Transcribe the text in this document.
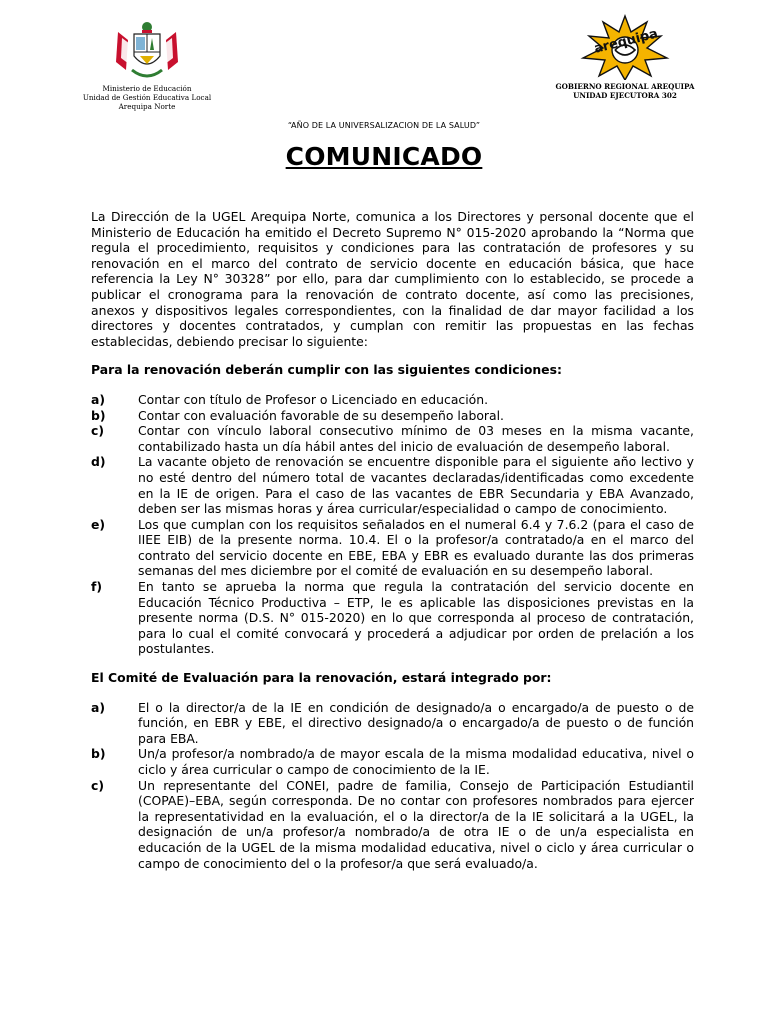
Ministerio de Educación
Unidad de Gestión Educativa Local
Arequipa Norte
arequipa
GOBIERNO REGIONAL AREQUIPA
UNIDAD EJECUTORA 302
“AÑO DE LA UNIVERSALIZACION DE LA SALUD”
COMUNICADO

La Dirección de la UGEL Arequipa Norte, comunica a los Directores y personal docente que el Ministerio de Educación ha emitido el Decreto Supremo N° 015-2020 aprobando la “Norma que regula el procedimiento, requisitos y condiciones para las contratación de profesores y su renovación en el marco del contrato de servicio docente en educación básica, que hace referencia la Ley N° 30328” por ello, para dar cumplimiento con lo establecido, se procede a publicar el cronograma para la renovación de contrato docente, así como las precisiones, anexos y dispositivos legales correspondientes, con la finalidad de dar mayor facilidad a los directores y docentes contratados, y cumplan con remitir las propuestas en las fechas establecidas, debiendo precisar lo siguiente:

Para la renovación deberán cumplir con las siguientes condiciones:

a)	Contar con título de Profesor o Licenciado en educación.
b)	Contar con evaluación favorable de su desempeño laboral.
c)	Contar con vínculo laboral consecutivo mínimo de 03 meses en la misma vacante, contabilizado hasta un día hábil antes del inicio de evaluación de desempeño laboral.
d)	La vacante objeto de renovación se encuentre disponible para el siguiente año lectivo y no esté dentro del número total de vacantes declaradas/identificadas como excedente en la IE de origen. Para el caso de las vacantes de EBR Secundaria y EBA Avanzado, deben ser las mismas horas y área curricular/especialidad o campo de conocimiento.
e)	Los que cumplan con los requisitos señalados en el numeral 6.4 y 7.6.2 (para el caso de IIEE EIB) de la presente norma. 10.4. El o la profesor/a contratado/a en el marco del contrato del servicio docente en EBE, EBA y EBR es evaluado durante las dos primeras semanas del mes diciembre por el comité de evaluación en su desempeño laboral.
f)	En tanto se aprueba la norma que regula la contratación del servicio docente en Educación Técnico Productiva – ETP, le es aplicable las disposiciones previstas en la presente norma (D.S. N° 015-2020) en lo que corresponda al proceso de contratación, para lo cual el comité convocará y procederá a adjudicar por orden de prelación a los postulantes.

El Comité de Evaluación para la renovación, estará integrado por:

a)	El o la director/a de la IE en condición de designado/a o encargado/a de puesto o de función, en EBR y EBE, el directivo designado/a o encargado/a de puesto o de función para EBA.
b)	Un/a profesor/a nombrado/a de mayor escala de la misma modalidad educativa, nivel o ciclo y área curricular o campo de conocimiento de la IE.
c)	Un representante del CONEI, padre de familia, Consejo de Participación Estudiantil (COPAE)–EBA, según corresponda. De no contar con profesores nombrados para ejercer la representatividad en la evaluación, el o la director/a de la IE solicitará a la UGEL, la designación de un/a profesor/a nombrado/a de otra IE o de un/a especialista en educación de la UGEL de la misma modalidad educativa, nivel o ciclo y área curricular o campo de conocimiento del o la profesor/a que será evaluado/a.
